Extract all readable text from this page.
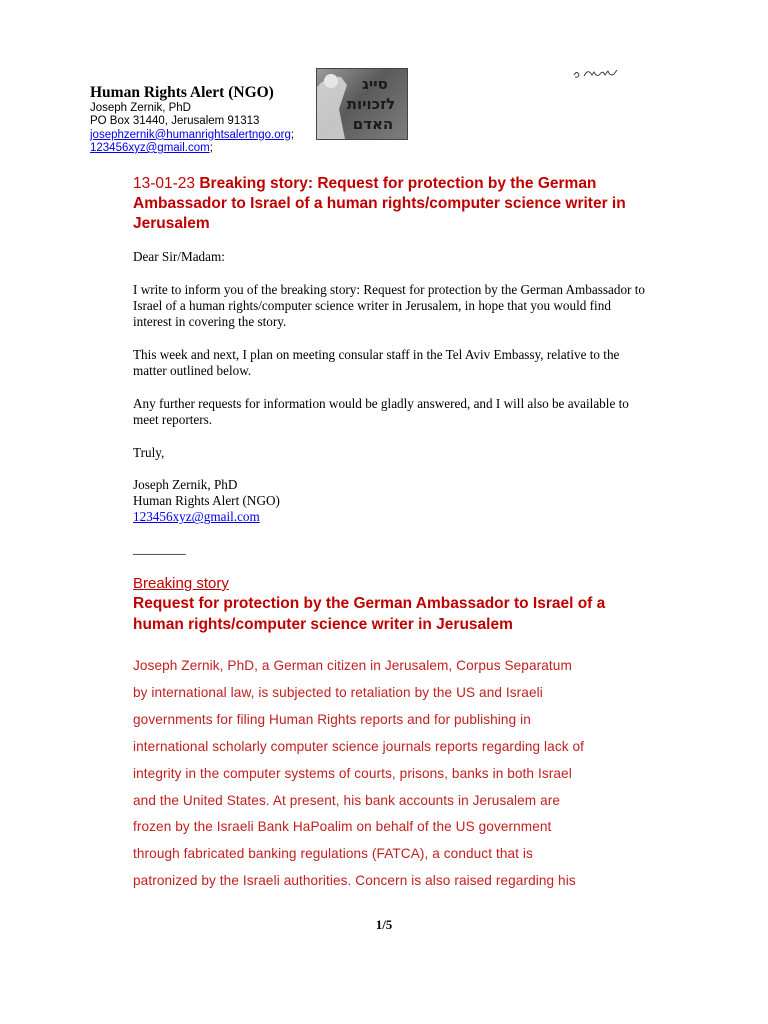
Human Rights Alert (NGO)
Joseph Zernik, PhD
PO Box 31440, Jerusalem 91313
josephzernik@humanrightsalertngo.org;
123456xyz@gmail.com;
סייג
לזכויות
האדם
13-01-23 Breaking story: Request for protection by the German Ambassador to Israel of a human rights/computer science writer in Jerusalem
Dear Sir/Madam:
I write to inform you of the breaking story: Request for protection by the German Ambassador to Israel of a human rights/computer science writer in Jerusalem, in hope that you would find interest in covering the story.
This week and next, I plan on meeting consular staff in the Tel Aviv Embassy, relative to the matter outlined below.
Any further requests for information would be gladly answered, and I will also be available to meet reporters.
Truly,
Joseph Zernik, PhD
Human Rights Alert (NGO)
123456xyz@gmail.com
________
Breaking story
Request for protection by the German Ambassador to Israel of a human rights/computer science writer in Jerusalem
Joseph Zernik, PhD, a German citizen in Jerusalem, Corpus Separatum
by international law, is subjected to retaliation by the US and Israeli
governments for filing Human Rights reports and for publishing in
international scholarly computer science journals reports regarding lack of
integrity in the computer systems of courts, prisons, banks in both Israel
and the United States. At present, his bank accounts in Jerusalem are
frozen by the Israeli Bank HaPoalim on behalf of the US government
through fabricated banking regulations (FATCA), a conduct that is
patronized by the Israeli authorities. Concern is also raised regarding his
1/5
